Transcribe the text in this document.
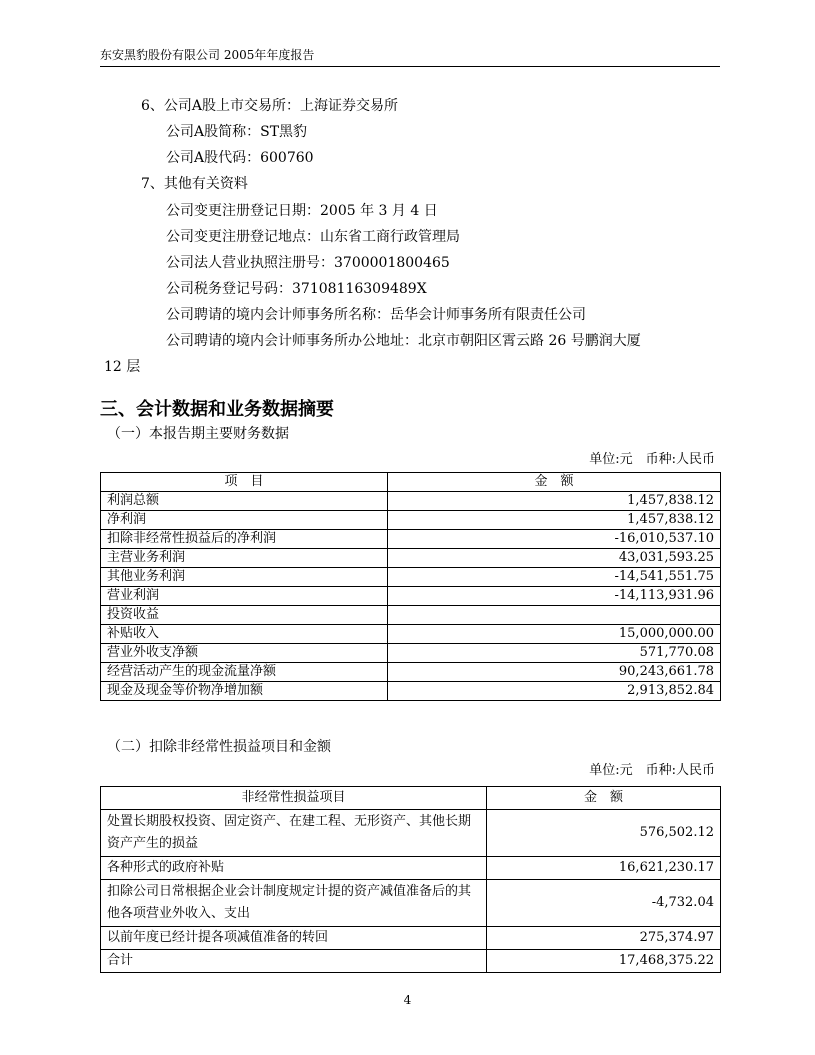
东安黑豹股份有限公司 2005年年度报告
6、公司A股上市交易所：上海证券交易所
公司A股简称：ST黑豹
公司A股代码：600760
7、其他有关资料
公司变更注册登记日期：2005 年 3 月 4 日
公司变更注册登记地点：山东省工商行政管理局
公司法人营业执照注册号：3700001800465
公司税务登记号码：37108116309489X
公司聘请的境内会计师事务所名称：岳华会计师事务所有限责任公司
公司聘请的境内会计师事务所办公地址：北京市朝阳区霄云路 26 号鹏润大厦
12 层
三、会计数据和业务数据摘要
（一）本报告期主要财务数据
单位:元　币种:人民币
项　目	金　额
利润总额	1,457,838.12
净利润	1,457,838.12
扣除非经常性损益后的净利润	-16,010,537.10
主营业务利润	43,031,593.25
其他业务利润	-14,541,551.75
营业利润	-14,113,931.96
投资收益	
补贴收入	15,000,000.00
营业外收支净额	571,770.08
经营活动产生的现金流量净额	90,243,661.78
现金及现金等价物净增加额	2,913,852.84
（二）扣除非经常性损益项目和金额
单位:元　币种:人民币
非经常性损益项目	金　额
处置长期股权投资、固定资产、在建工程、无形资产、其他长期资产产生的损益	576,502.12
各种形式的政府补贴	16,621,230.17
扣除公司日常根据企业会计制度规定计提的资产减值准备后的其他各项营业外收入、支出	-4,732.04
以前年度已经计提各项减值准备的转回	275,374.97
合计	17,468,375.22
4
